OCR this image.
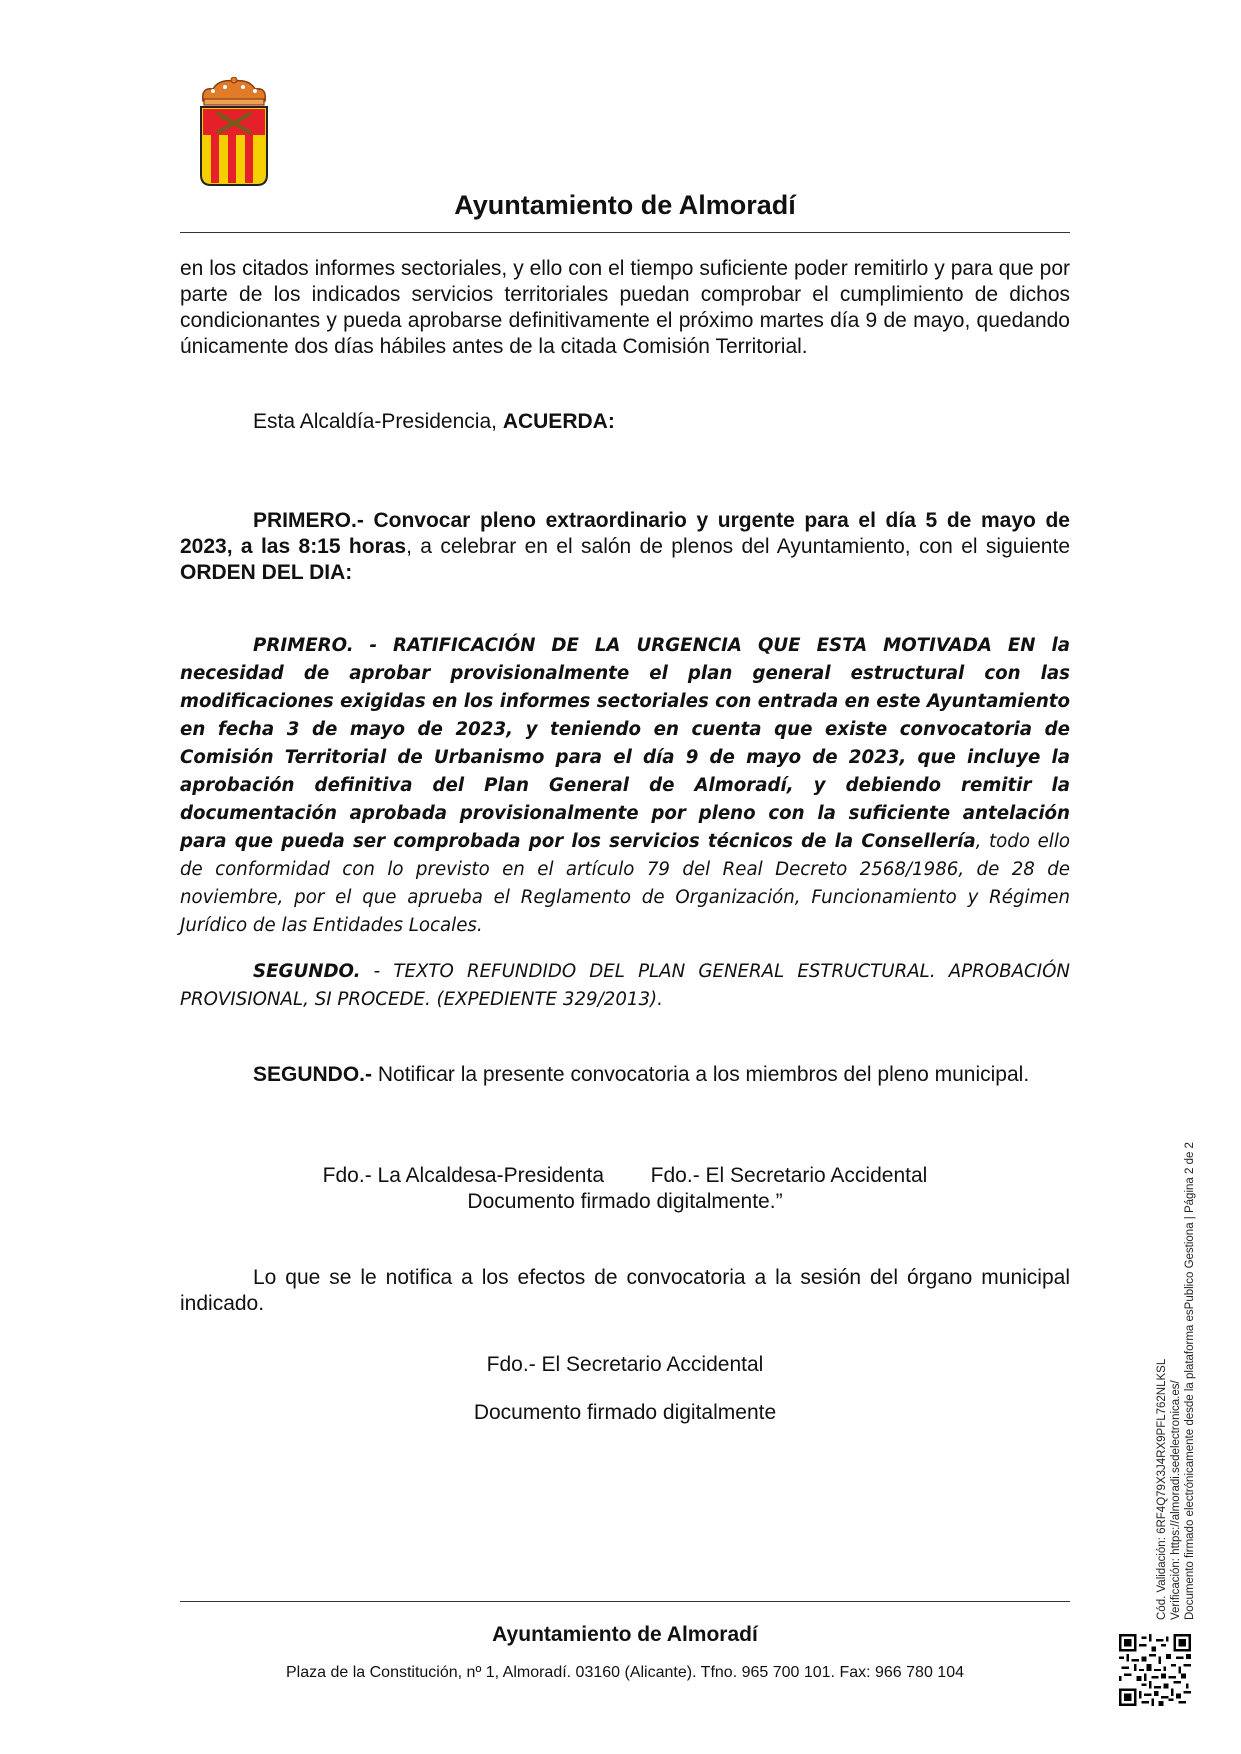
Ayuntamiento de Almoradí
en los citados informes sectoriales, y ello con el tiempo suficiente poder remitirlo y para que por parte de los indicados servicios territoriales puedan comprobar el cumplimiento de dichos condicionantes y pueda aprobarse definitivamente el próximo martes día 9 de mayo, quedando únicamente dos días hábiles antes de la citada Comisión Territorial.
Esta Alcaldía-Presidencia, ACUERDA:
PRIMERO.- Convocar pleno extraordinario y urgente para el día 5 de mayo de 2023, a las 8:15 horas, a celebrar en el salón de plenos del Ayuntamiento, con el siguiente ORDEN DEL DIA:
PRIMERO. - RATIFICACIÓN DE LA URGENCIA QUE ESTA MOTIVADA EN la necesidad de aprobar provisionalmente el plan general estructural con las modificaciones exigidas en los informes sectoriales con entrada en este Ayuntamiento en fecha 3 de mayo de 2023, y teniendo en cuenta que existe convocatoria de Comisión Territorial de Urbanismo para el día 9 de mayo de 2023, que incluye la aprobación definitiva del Plan General de Almoradí, y debiendo remitir la documentación aprobada provisionalmente por pleno con la suficiente antelación para que pueda ser comprobada por los servicios técnicos de la Consellería, todo ello de conformidad con lo previsto en el artículo 79 del Real Decreto 2568/1986, de 28 de noviembre, por el que aprueba el Reglamento de Organización, Funcionamiento y Régimen Jurídico de las Entidades Locales.
SEGUNDO. - TEXTO REFUNDIDO DEL PLAN GENERAL ESTRUCTURAL. APROBACIÓN PROVISIONAL, SI PROCEDE. (EXPEDIENTE 329/2013).
SEGUNDO.- Notificar la presente convocatoria a los miembros del pleno municipal.
Fdo.- La Alcaldesa-Presidenta        Fdo.- El Secretario Accidental
Documento firmado digitalmente.”
Lo que se le notifica a los efectos de convocatoria a la sesión del órgano municipal indicado.
Fdo.- El Secretario Accidental
Documento firmado digitalmente
Ayuntamiento de Almoradí
Plaza de la Constitución, nº 1, Almoradí. 03160 (Alicante). Tfno. 965 700 101. Fax: 966 780 104
Cód. Validación: 6RF4Q79X3J4RX9PFL762NLKSL Verificación: https://almoradi.sedelectronica.es/ Documento firmado electrónicamente desde la plataforma esPublico Gestiona | Página 2 de 2
